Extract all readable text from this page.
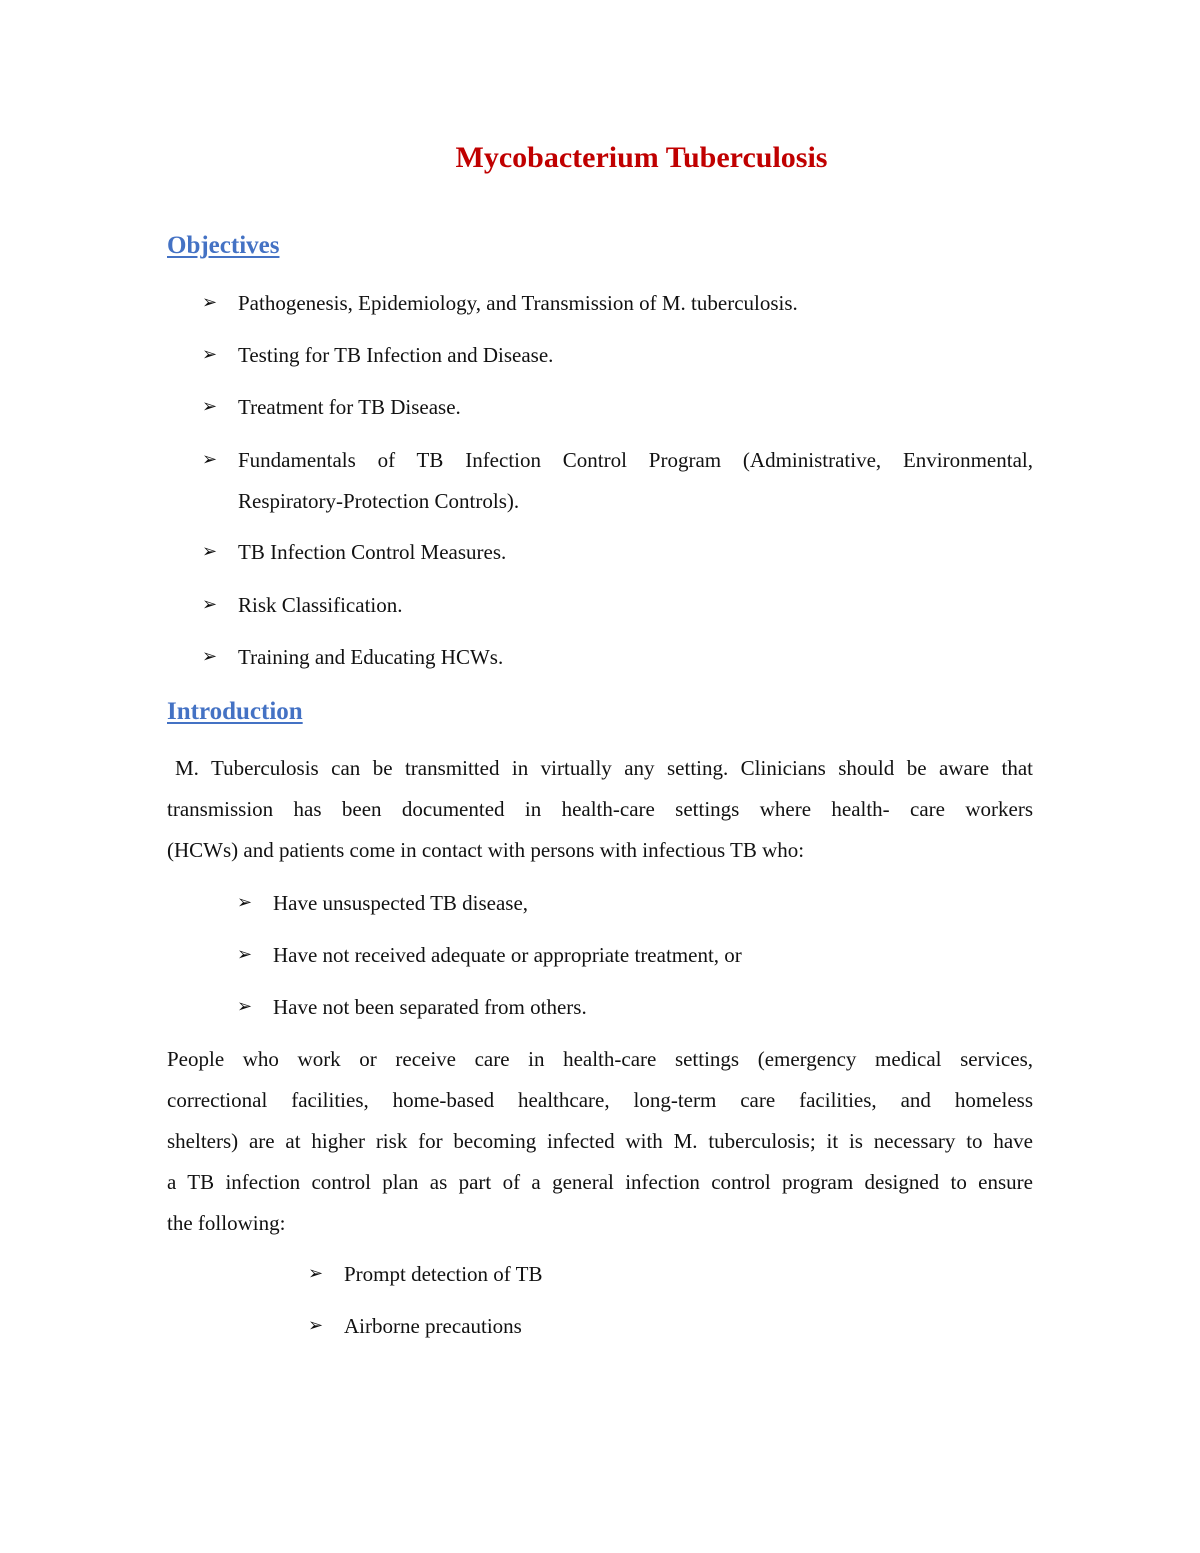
Mycobacterium Tuberculosis
Objectives
➢ Pathogenesis, Epidemiology, and Transmission of M. tuberculosis.
➢ Testing for TB Infection and Disease.
➢ Treatment for TB Disease.
➢ Fundamentals of TB Infection Control Program (Administrative, Environmental,
Respiratory-Protection Controls).
➢ TB Infection Control Measures.
➢ Risk Classification.
➢ Training and Educating HCWs.
Introduction
M. Tuberculosis can be transmitted in virtually any setting. Clinicians should be aware that
transmission has been documented in health-care settings where health- care workers
(HCWs) and patients come in contact with persons with infectious TB who:
➢ Have unsuspected TB disease,
➢ Have not received adequate or appropriate treatment, or
➢ Have not been separated from others.
People who work or receive care in health-care settings (emergency medical services,
correctional facilities, home-based healthcare, long-term care facilities, and homeless
shelters) are at higher risk for becoming infected with M. tuberculosis; it is necessary to have
a TB infection control plan as part of a general infection control program designed to ensure
the following:
➢ Prompt detection of TB
➢ Airborne precautions
